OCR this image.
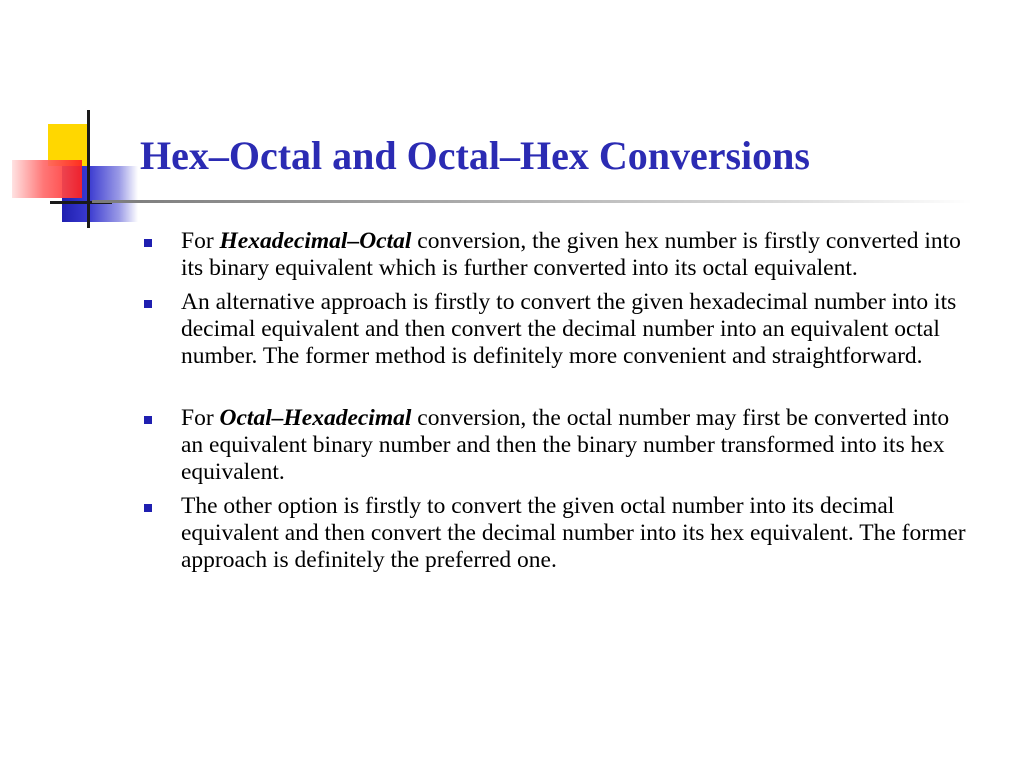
Hex–Octal and Octal–Hex Conversions
For Hexadecimal–Octal conversion, the given hex number is firstly converted into its binary equivalent which is further converted into its octal equivalent.
An alternative approach is firstly to convert the given hexadecimal number into its decimal equivalent and then convert the decimal number into an equivalent octal number. The former method is definitely more convenient and straightforward.
For Octal–Hexadecimal conversion, the octal number may first be converted into an equivalent binary number and then the binary number transformed into its hex equivalent.
The other option is firstly to convert the given octal number into its decimal equivalent and then convert the decimal number into its hex equivalent. The former approach is definitely the preferred one.
